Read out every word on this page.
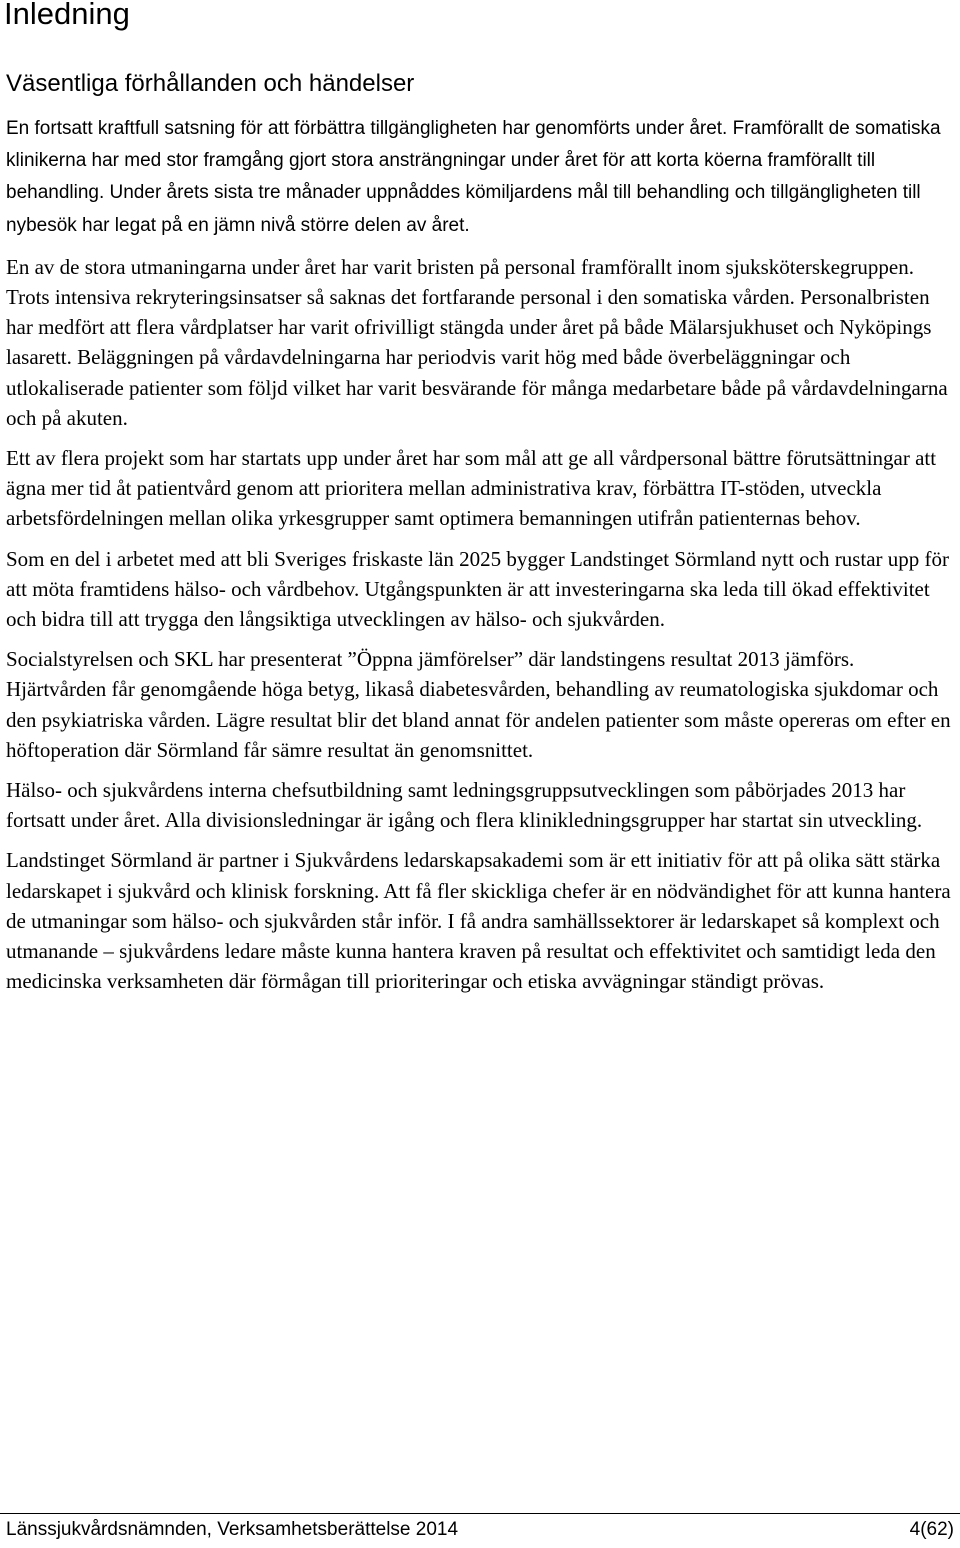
Inledning
Väsentliga förhållanden och händelser

En fortsatt kraftfull satsning för att förbättra tillgängligheten har genomförts under året. Framförallt de somatiska klinikerna har med stor framgång gjort stora ansträngningar under året för att korta köerna framförallt till behandling. Under årets sista tre månader uppnåddes kömiljardens mål till behandling och tillgängligheten till nybesök har legat på en jämn nivå större delen av året.

En av de stora utmaningarna under året har varit bristen på personal framförallt inom sjuksköterskegruppen. Trots intensiva rekryteringsinsatser så saknas det fortfarande personal i den somatiska vården. Personalbristen har medfört att flera vårdplatser har varit ofrivilligt stängda under året på både Mälarsjukhuset och Nyköpings lasarett. Beläggningen på vårdavdelningarna har periodvis varit hög med både överbeläggningar och utlokaliserade patienter som följd vilket har varit besvärande för många medarbetare både på vårdavdelningarna och på akuten.

Ett av flera projekt som har startats upp under året har som mål att ge all vårdpersonal bättre förutsättningar att ägna mer tid åt patientvård genom att prioritera mellan administrativa krav, förbättra IT-stöden, utveckla arbetsfördelningen mellan olika yrkesgrupper samt optimera bemanningen utifrån patienternas behov.

Som en del i arbetet med att bli Sveriges friskaste län 2025 bygger Landstinget Sörmland nytt och rustar upp för att möta framtidens hälso- och vårdbehov. Utgångspunkten är att investeringarna ska leda till ökad effektivitet och bidra till att trygga den långsiktiga utvecklingen av hälso- och sjukvården.

Socialstyrelsen och SKL har presenterat ”Öppna jämförelser” där landstingens resultat 2013 jämförs. Hjärtvården får genomgående höga betyg, likaså diabetesvården, behandling av reumatologiska sjukdomar och den psykiatriska vården. Lägre resultat blir det bland annat för andelen patienter som måste opereras om efter en höftoperation där Sörmland får sämre resultat än genomsnittet.

Hälso- och sjukvårdens interna chefsutbildning samt ledningsgruppsutvecklingen som påbörjades 2013 har fortsatt under året. Alla divisionsledningar är igång och flera klinikledningsgrupper har startat sin utveckling.

Landstinget Sörmland är partner i Sjukvårdens ledarskapsakademi som är ett initiativ för att på olika sätt stärka ledarskapet i sjukvård och klinisk forskning. Att få fler skickliga chefer är en nödvändighet för att kunna hantera de utmaningar som hälso- och sjukvården står inför. I få andra samhällssektorer är ledarskapet så komplext och utmanande – sjukvårdens ledare måste kunna hantera kraven på resultat och effektivitet och samtidigt leda den medicinska verksamheten där förmågan till prioriteringar och etiska avvägningar ständigt prövas.

Länssjukvårdsnämnden, Verksamhetsberättelse 2014	4(62)
